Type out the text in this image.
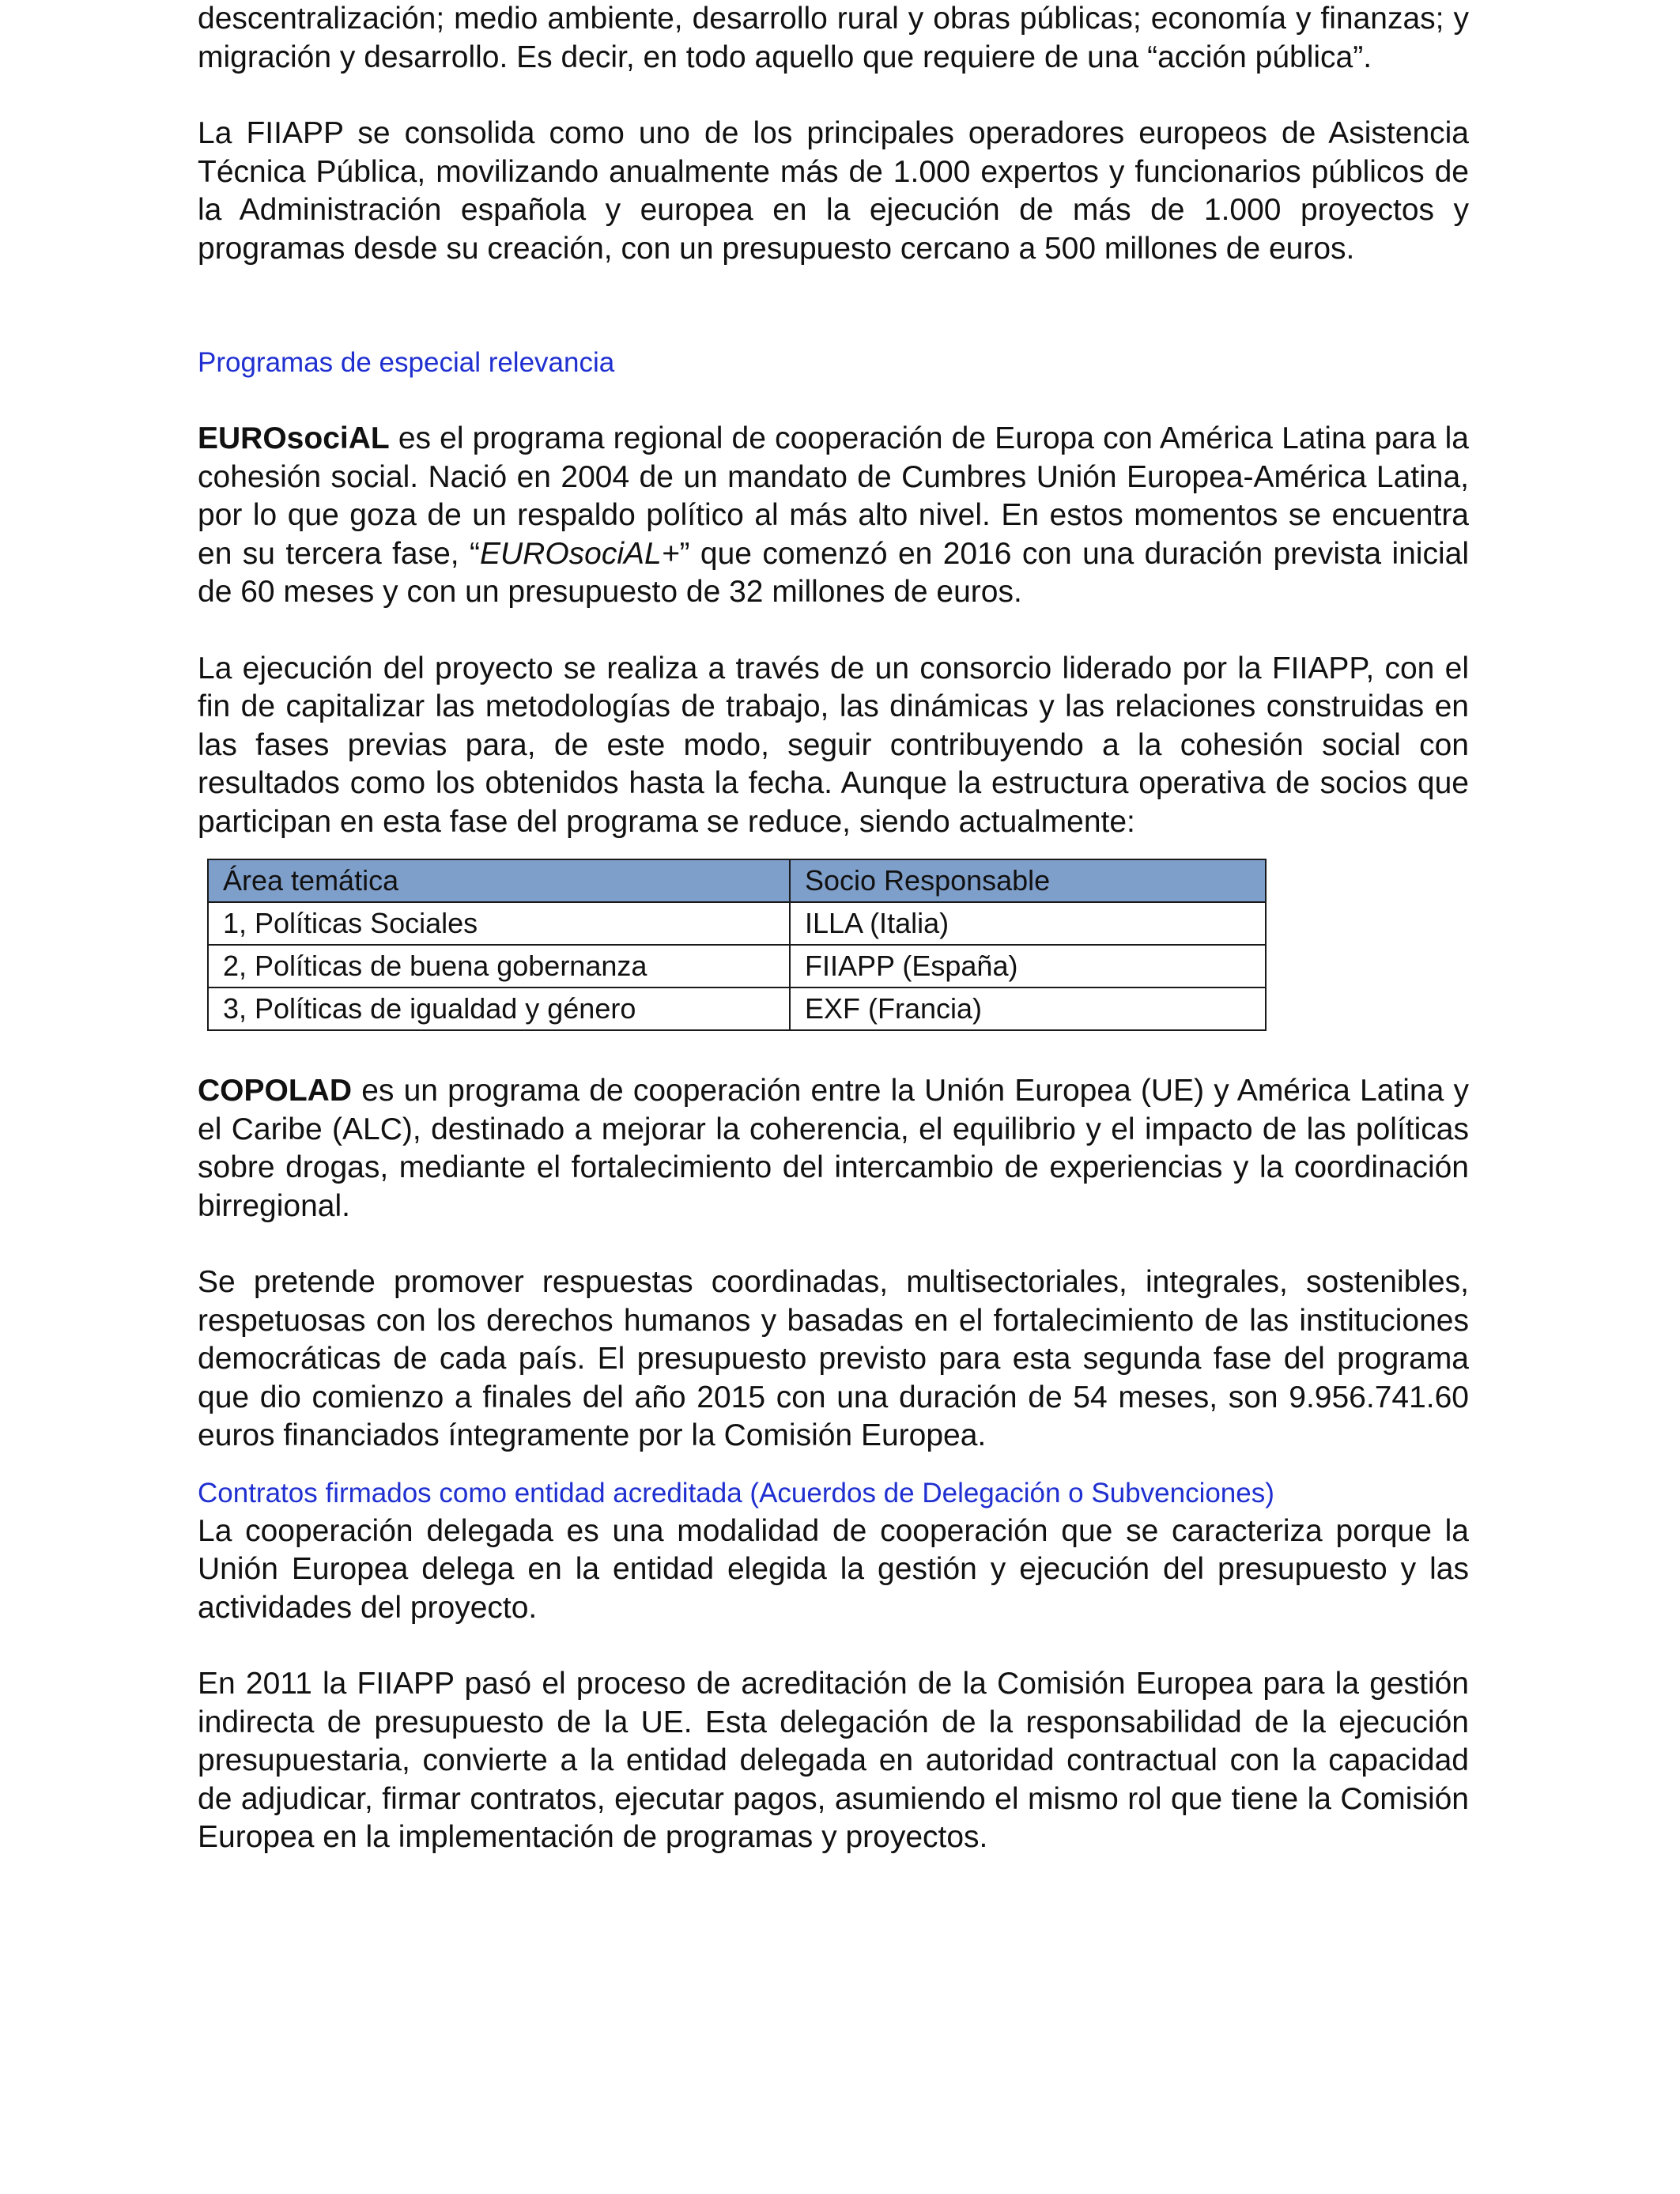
descentralización; medio ambiente, desarrollo rural y obras públicas; economía y finanzas; y migración y desarrollo. Es decir, en todo aquello que requiere de una “acción pública”.

La FIIAPP se consolida como uno de los principales operadores europeos de Asistencia Técnica Pública, movilizando anualmente más de 1.000 expertos y funcionarios públicos de la Administración española y europea en la ejecución de más de 1.000 proyectos y programas desde su creación, con un presupuesto cercano a 500 millones de euros.

Programas de especial relevancia

EUROsociAL es el programa regional de cooperación de Europa con América Latina para la cohesión social. Nació en 2004 de un mandato de Cumbres Unión Europea-América Latina, por lo que goza de un respaldo político al más alto nivel. En estos momentos se encuentra en su tercera fase, “EUROsociAL+” que comenzó en 2016 con una duración prevista inicial de 60 meses y con un presupuesto de 32 millones de euros.

La ejecución del proyecto se realiza a través de un consorcio liderado por la FIIAPP, con el fin de capitalizar las metodologías de trabajo, las dinámicas y las relaciones construidas en las fases previas para, de este modo, seguir contribuyendo a la cohesión social con resultados como los obtenidos hasta la fecha. Aunque la estructura operativa de socios que participan en esta fase del programa se reduce, siendo actualmente:

Área temática	Socio Responsable
1, Políticas Sociales	ILLA (Italia)
2, Políticas de buena gobernanza	FIIAPP (España)
3, Políticas de igualdad y género	EXF (Francia)

COPOLAD es un programa de cooperación entre la Unión Europea (UE) y América Latina y el Caribe (ALC), destinado a mejorar la coherencia, el equilibrio y el impacto de las políticas sobre drogas, mediante el fortalecimiento del intercambio de experiencias y la coordinación birregional.

Se pretende promover respuestas coordinadas, multisectoriales, integrales, sostenibles, respetuosas con los derechos humanos y basadas en el fortalecimiento de las instituciones democráticas de cada país. El presupuesto previsto para esta segunda fase del programa que dio comienzo a finales del año 2015 con una duración de 54 meses, son 9.956.741.60 euros financiados íntegramente por la Comisión Europea.

Contratos firmados como entidad acreditada (Acuerdos de Delegación o Subvenciones)

La cooperación delegada es una modalidad de cooperación que se caracteriza porque la Unión Europea delega en la entidad elegida la gestión y ejecución del presupuesto y las actividades del proyecto.

En 2011 la FIIAPP pasó el proceso de acreditación de la Comisión Europea para la gestión indirecta de presupuesto de la UE. Esta delegación de la responsabilidad de la ejecución presupuestaria, convierte a la entidad delegada en autoridad contractual con la capacidad de adjudicar, firmar contratos, ejecutar pagos, asumiendo el mismo rol que tiene la Comisión Europea en la implementación de programas y proyectos.
